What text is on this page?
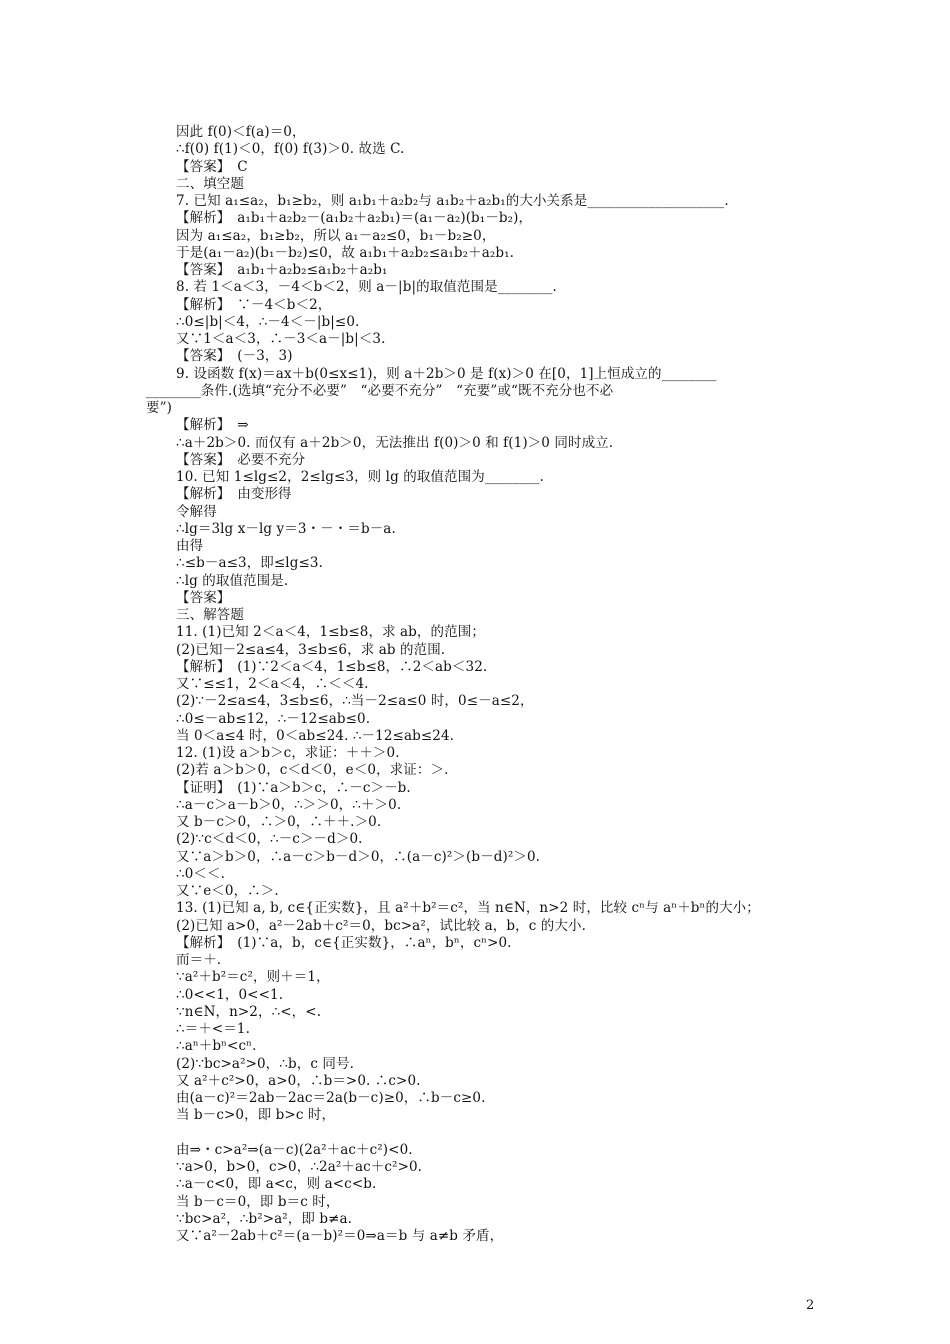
因此 f(0)＜f(a)＝0，
∴f(0) f(1)＜0，f(0) f(3)＞0. 故选 C.
【答案】　C
二、填空题
7. 已知 a₁≤a₂，b₁≥b₂，则 a₁b₁＋a₂b₂与 a₁b₂＋a₂b₁的大小关系是____________________.
【解析】　a₁b₁＋a₂b₂－(a₁b₂＋a₂b₁)＝(a₁－a₂)(b₁－b₂)，
因为 a₁≤a₂，b₁≥b₂，所以 a₁－a₂≤0，b₁－b₂≥0，
于是(a₁－a₂)(b₁－b₂)≤0，故 a₁b₁＋a₂b₂≤a₁b₂＋a₂b₁.
【答案】　a₁b₁＋a₂b₂≤a₁b₂＋a₂b₁
8. 若 1＜a＜3，－4＜b＜2，则 a－|b|的取值范围是________.
【解析】　∵－4＜b＜2，
∴0≤|b|＜4，∴－4＜－|b|≤0.
又∵1＜a＜3，∴－3＜a－|b|＜3.
【答案】　(－3，3)
9. 设函数 f(x)＝ax＋b(0≤x≤1)，则 a＋2b＞0 是 f(x)＞0 在[0，1]上恒成立的________
________条件.(选填“充分不必要”　“必要不充分”　“充要”或“既不充分也不必
要”)
【解析】　⇒
∴a＋2b＞0. 而仅有 a＋2b＞0，无法推出 f(0)＞0 和 f(1)＞0 同时成立.
【答案】　必要不充分
10. 已知 1≤lg≤2，2≤lg≤3，则 lg 的取值范围为________.
【解析】　由变形得
令解得
∴lg＝3lg x－lg y＝3・－・＝b－a.
由得
∴≤b－a≤3，即≤lg≤3.
∴lg 的取值范围是.
【答案】
三、解答题
11. (1)已知 2＜a＜4，1≤b≤8，求 ab，的范围；
(2)已知－2≤a≤4，3≤b≤6，求 ab 的范围.
【解析】　(1)∵2＜a＜4，1≤b≤8，∴2＜ab＜32.
又∵≤≤1，2＜a＜4，∴＜＜4.
(2)∵－2≤a≤4，3≤b≤6，∴当－2≤a≤0 时，0≤－a≤2，
∴0≤－ab≤12，∴－12≤ab≤0.
当 0＜a≤4 时，0＜ab≤24. ∴－12≤ab≤24.
12. (1)设 a＞b＞c，求证：＋＋＞0.
(2)若 a＞b＞0，c＜d＜0，e＜0，求证：＞.
【证明】　(1)∵a＞b＞c，∴－c＞－b.
∴a－c＞a－b＞0，∴＞＞0，∴＋＞0.
又 b－c＞0，∴＞0，∴＋＋.＞0.
(2)∵c＜d＜0，∴－c＞－d＞0.
又∵a＞b＞0，∴a－c＞b－d＞0，∴(a－c)²＞(b－d)²＞0.
∴0＜＜.
又∵e＜0，∴＞.
13. (1)已知 a, b, c∈{正实数}，且 a²＋b²＝c²，当 n∈N，n>2 时，比较 cⁿ与 aⁿ＋bⁿ的大小；
(2)已知 a>0，a²－2ab＋c²＝0，bc>a²，试比较 a，b，c 的大小.
【解析】　(1)∵a，b，c∈{正实数}，∴aⁿ，bⁿ，cⁿ>0.
而＝＋.
∵a²＋b²＝c²，则＋＝1，
∴0<<1，0<<1.
∵n∈N，n>2，∴<，<.
∴＝＋<＝1.
∴aⁿ＋bⁿ<cⁿ.
(2)∵bc>a²>0，∴b，c 同号.
又 a²＋c²>0，a>0，∴b＝>0. ∴c>0.
由(a－c)²＝2ab－2ac＝2a(b－c)≥0，∴b－c≥0.
当 b－c>0，即 b>c 时，
由⇒・c>a²⇒(a－c)(2a²＋ac＋c²)<0.
∵a>0，b>0，c>0，∴2a²＋ac＋c²>0.
∴a－c<0，即 a<c，则 a<c<b.
当 b－c＝0，即 b＝c 时，
∵bc>a²，∴b²>a²，即 b≠a.
又∵a²－2ab＋c²＝(a－b)²＝0⇒a＝b 与 a≠b 矛盾，
2
